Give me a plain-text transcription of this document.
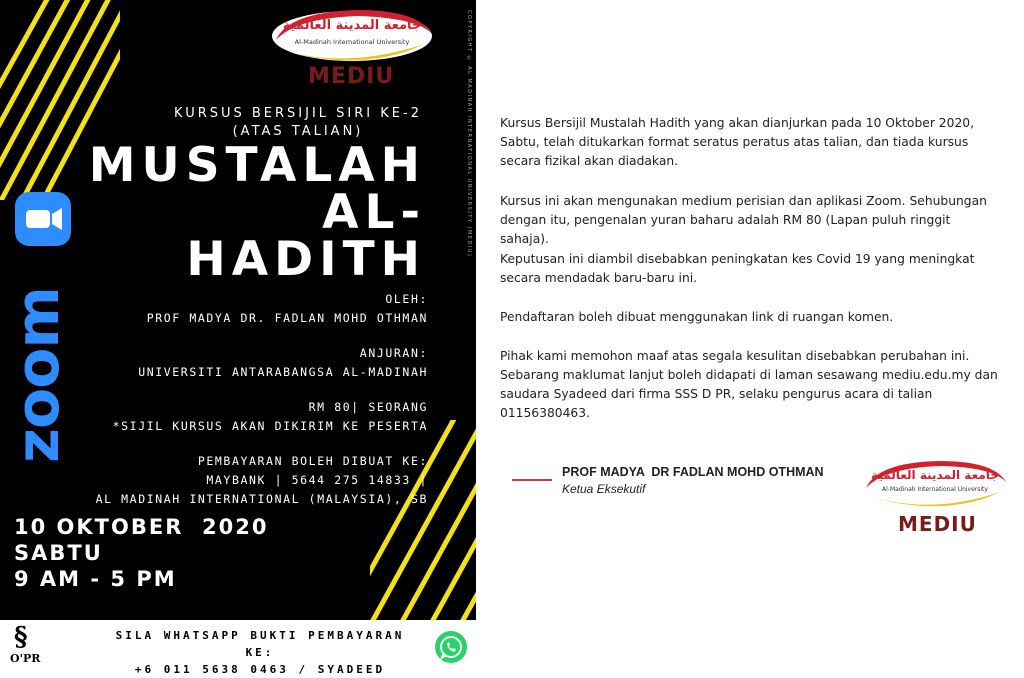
جامعة المدينة العالمية
Al-Madinah International University
MEDIU	COPYRIGHT © AL MADINAH INTERNATIONAL UNIVERSITY (MEDIU)
zoom
KURSUS BERSIJIL SIRI KE-2
(ATAS TALIAN)
MUSTALAH
AL-
HADITH
OLEH:
PROF MADYA DR. FADLAN MOHD OTHMAN
ANJURAN:
UNIVERSITI ANTARABANGSA AL-MADINAH
RM 80| SEORANG
*SIJIL KURSUS AKAN DIKIRIM KE PESERTA
PEMBAYARAN BOLEH DIBUAT KE:
MAYBANK | 5644 275 14833 |
AL MADINAH INTERNATIONAL (MALAYSIA), SB
10 OKTOBER  2020
SABTU
9 AM - 5 PM
§
O'PR
SILA WHATSAPP BUKTI PEMBAYARAN
KE:
+6 011 5638 0463 / SYADEED

Kursus Bersijil Mustalah Hadith yang akan dianjurkan pada 10 Oktober 2020, Sabtu, telah ditukarkan format seratus peratus atas talian, dan tiada kursus secara fizikal akan diadakan.

Kursus ini akan mengunakan medium perisian dan aplikasi Zoom. Sehubungan dengan itu, pengenalan yuran baharu adalah RM 80 (Lapan puluh ringgit sahaja).

Keputusan ini diambil disebabkan peningkatan kes Covid 19 yang meningkat secara mendadak baru-baru ini.

Pendaftaran boleh dibuat menggunakan link di ruangan komen.

Pihak kami memohon maaf atas segala kesulitan disebabkan perubahan ini. Sebarang maklumat lanjut boleh didapati di laman sesawang mediu.edu.my dan saudara Syadeed dari firma SSS D PR, selaku pengurus acara di talian 01156380463.

PROF MADYA  DR FADLAN MOHD OTHMAN
Ketua Eksekutif
جامعة المدينة العالمية
Al-Madinah International University
MEDIU
